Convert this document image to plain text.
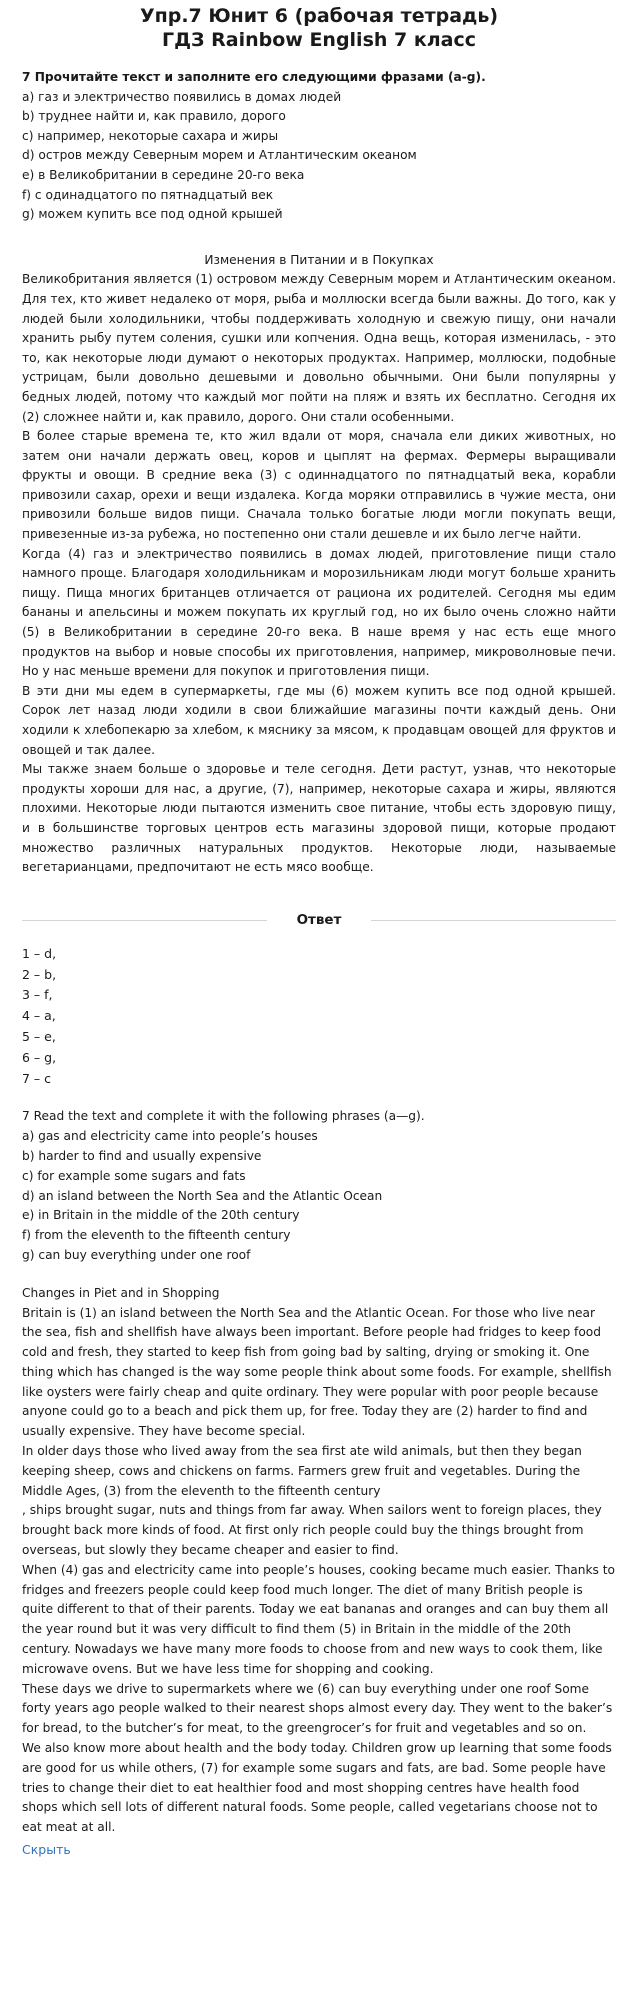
Упр.7 Юнит 6 (рабочая тетрадь)
ГДЗ Rainbow English 7 класс
7 Прочитайте текст и заполните его следующими фразами (a-g).
a) газ и электричество появились в домах людей
b) труднее найти и, как правило, дорого
c) например, некоторые сахара и жиры
d) остров между Северным морем и Атлантическим океаном
e) в Великобритании в середине 20-го века
f) с одинадцатого по пятнадцатый век
g) можем купить все под одной крышей
Изменения в Питании и в Покупках

Великобритания является (1) островом между Северным морем и Атлантическим океаном. Для тех, кто живет недалеко от моря, рыба и моллюски всегда были важны. До того, как у людей были холодильники, чтобы поддерживать холодную и свежую пищу, они начали хранить рыбу путем соления, сушки или копчения. Одна вещь, которая изменилась, - это то, как некоторые люди думают о некоторых продуктах. Например, моллюски, подобные устрицам, были довольно дешевыми и довольно обычными. Они были популярны у бедных людей, потому что каждый мог пойти на пляж и взять их бесплатно. Сегодня их (2) сложнее найти и, как правило, дорого. Они стали особенными.

В более старые времена те, кто жил вдали от моря, сначала ели диких животных, но затем они начали держать овец, коров и цыплят на фермах. Фермеры выращивали фрукты и овощи. В средние века (3) с одиннадцатого по пятнадцатый века, корабли привозили сахар, орехи и вещи издалека. Когда моряки отправились в чужие места, они привозили больше видов пищи. Сначала только богатые люди могли покупать вещи, привезенные из-за рубежа, но постепенно они стали дешевле и их было легче найти.

Когда (4) газ и электричество появились в домах людей, приготовление пищи стало намного проще. Благодаря холодильникам и морозильникам люди могут больше хранить пищу. Пища многих британцев отличается от рациона их родителей. Сегодня мы едим бананы и апельсины и можем покупать их круглый год, но их было очень сложно найти (5) в Великобритании в середине 20-го века. В наше время у нас есть еще много продуктов на выбор и новые способы их приготовления, например, микроволновые печи. Но у нас меньше времени для покупок и приготовления пищи.

В эти дни мы едем в супермаркеты, где мы (6) можем купить все под одной крышей. Сорок лет назад люди ходили в свои ближайшие магазины почти каждый день. Они ходили к хлебопекарю за хлебом, к мяснику за мясом, к продавцам овощей для фруктов и овощей и так далее.

Мы также знаем больше о здоровье и теле сегодня. Дети растут, узнав, что некоторые продукты хороши для нас, а другие, (7), например, некоторые сахара и жиры, являются плохими. Некоторые люди пытаются изменить свое питание, чтобы есть здоровую пищу, и в большинстве торговых центров есть магазины здоровой пищи, которые продают множество различных натуральных продуктов. Некоторые люди, называемые вегетарианцами, предпочитают не есть мясо вообще.

Ответ
1 – d,
2 – b,
3 – f,
4 – a,
5 – e,
6 – g,
7 – c
7 Read the text and complete it with the following phrases (a—g).
a) gas and electricity came into people’s houses
b) harder to find and usually expensive
c) for example some sugars and fats
d) an island between the North Sea and the Atlantic Ocean
e) in Britain in the middle of the 20th century
f) from the eleventh to the fifteenth century
g) can buy everything under one roof
Changes in Piet and in Shopping

Britain is (1) an island between the North Sea and the Atlantic Ocean. For those who live near the sea, fish and shellfish have always been important. Before people had fridges to keep food cold and fresh, they started to keep fish from going bad by salting, drying or smoking it. One thing which has changed is the way some people think about some foods. For example, shellfish like oysters were fairly cheap and quite ordinary. They were popular with poor people because anyone could go to a beach and pick them up, for free. Today they are (2) harder to find and usually expensive. They have become special.

In older days those who lived away from the sea first ate wild animals, but then they began keeping sheep, cows and chickens on farms. Farmers grew fruit and vegetables. During the Middle Ages, (3) from the eleventh to the fifteenth century

, ships brought sugar, nuts and things from far away. When sailors went to foreign places, they brought back more kinds of food. At first only rich people could buy the things brought from overseas, but slowly they became cheaper and easier to find.

When (4) gas and electricity came into people’s houses, cooking became much easier. Thanks to fridges and freezers people could keep food much longer. The diet of many British people is quite different to that of their parents. Today we eat bananas and oranges and can buy them all the year round but it was very difficult to find them (5) in Britain in the middle of the 20th century. Nowadays we have many more foods to choose from and new ways to cook them, like microwave ovens. But we have less time for shopping and cooking.

These days we drive to supermarkets where we (6) can buy everything under one roof Some forty years ago people walked to their nearest shops almost every day. They went to the baker’s for bread, to the butcher’s for meat, to the greengrocer’s for fruit and vegetables and so on.

We also know more about health and the body today. Children grow up learning that some foods are good for us while others, (7) for example some sugars and fats, are bad. Some people have tries to change their diet to eat healthier food and most shopping centres have health food shops which sell lots of different natural foods. Some people, called vegetarians choose not to eat meat at all.

Скрыть
